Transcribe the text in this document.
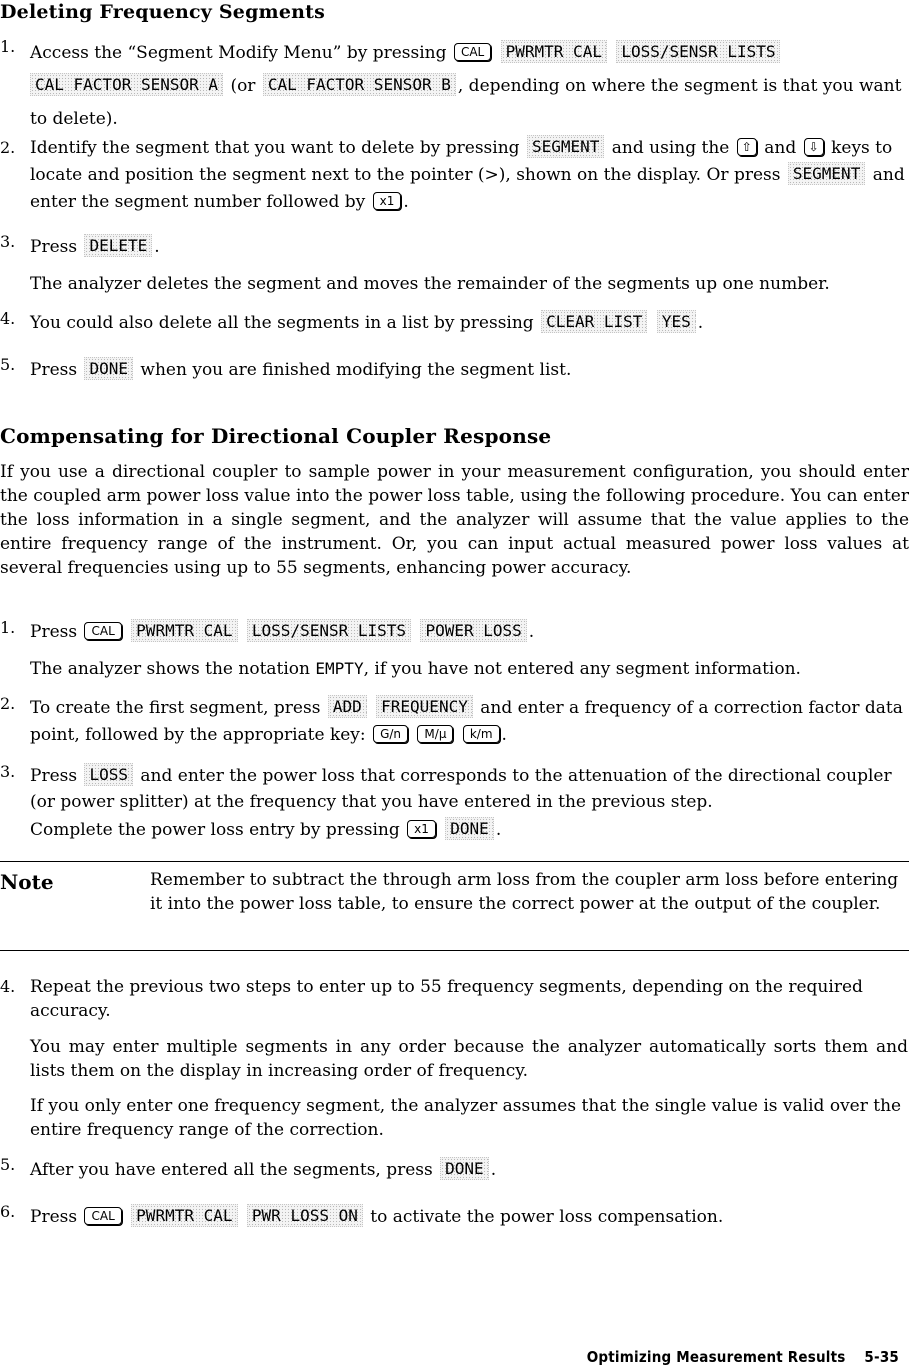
Deleting Frequency Segments
1. Access the “Segment Modify Menu” by pressing CAL PWRMTR CAL LOSS/SENSR LISTS
CAL FACTOR SENSOR A (or CAL FACTOR SENSOR B , depending on where the segment is that you want to delete).

2. Identify the segment that you want to delete by pressing SEGMENT and using the ⇧ and ⇩ keys to locate and position the segment next to the pointer (>), shown on the display. Or press SEGMENT and enter the segment number followed by x1 .

3. Press DELETE .

The analyzer deletes the segment and moves the remainder of the segments up one number.

4. You could also delete all the segments in a list by pressing CLEAR LIST YES .

5. Press DONE when you are finished modifying the segment list.

Compensating for Directional Coupler Response

If you use a directional coupler to sample power in your measurement configuration, you should enter the coupled arm power loss value into the power loss table, using the following procedure. You can enter the loss information in a single segment, and the analyzer will assume that the value applies to the entire frequency range of the instrument. Or, you can input actual measured power loss values at several frequencies using up to 55 segments, enhancing power accuracy.

1. Press CAL PWRMTR CAL LOSS/SENSR LISTS POWER LOSS .

The analyzer shows the notation EMPTY, if you have not entered any segment information.

2. To create the first segment, press ADD FREQUENCY and enter a frequency of a correction factor data point, followed by the appropriate key: G/n M/μ k/m .

3. Press LOSS and enter the power loss that corresponds to the attenuation of the directional coupler (or power splitter) at the frequency that you have entered in the previous step.

Complete the power loss entry by pressing x1 DONE .

Note	Remember to subtract the through arm loss from the coupler arm loss before entering it into the power loss table, to ensure the correct power at the output of the coupler.

4. Repeat the previous two steps to enter up to 55 frequency segments, depending on the required accuracy.

You may enter multiple segments in any order because the analyzer automatically sorts them and lists them on the display in increasing order of frequency.

If you only enter one frequency segment, the analyzer assumes that the single value is valid over the entire frequency range of the correction.

5. After you have entered all the segments, press DONE .

6. Press CAL PWRMTR CAL PWR LOSS ON to activate the power loss compensation.

Optimizing Measurement Results 5-35
